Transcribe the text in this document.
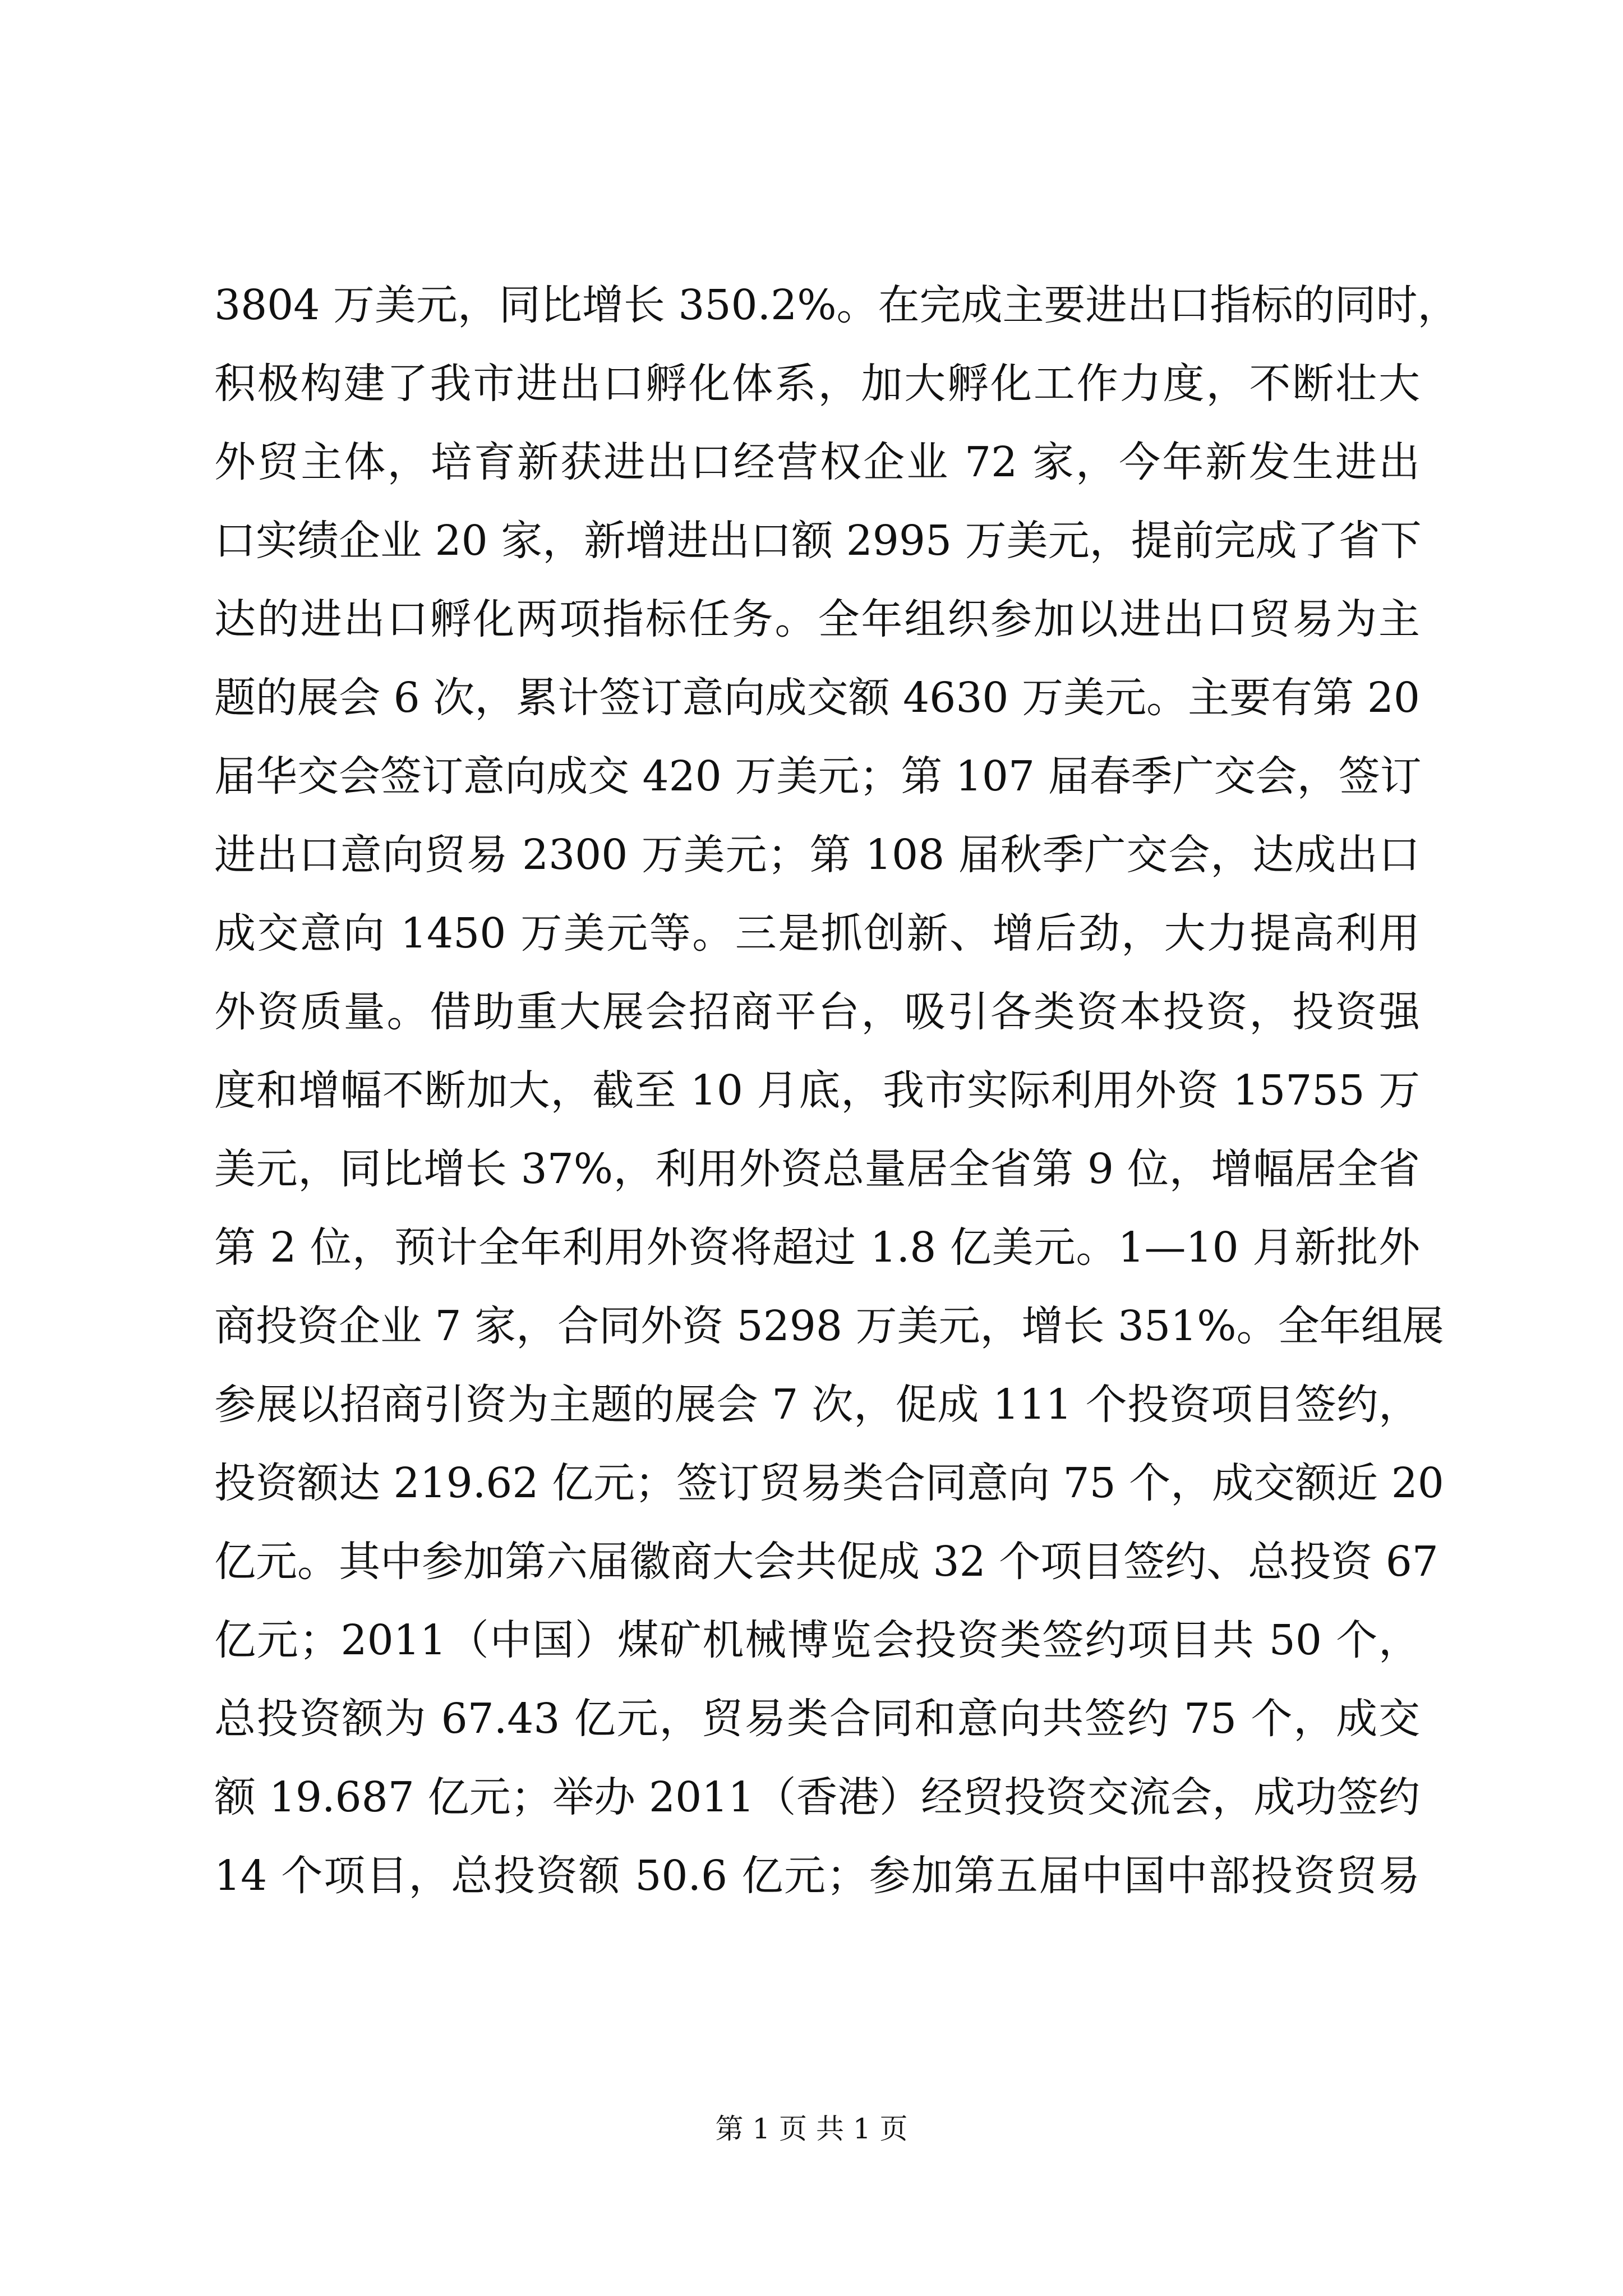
3804 万美元，同比增长 350.2%。在完成主要进出口指标的同时，
积极构建了我市进出口孵化体系，加大孵化工作力度，不断壮大
外贸主体，培育新获进出口经营权企业 72 家，今年新发生进出
口实绩企业 20 家，新增进出口额 2995 万美元，提前完成了省下
达的进出口孵化两项指标任务。全年组织参加以进出口贸易为主
题的展会 6 次，累计签订意向成交额 4630 万美元。主要有第 20
届华交会签订意向成交 420 万美元；第 107 届春季广交会，签订
进出口意向贸易 2300 万美元；第 108 届秋季广交会，达成出口
成交意向 1450 万美元等。三是抓创新、增后劲，大力提高利用
外资质量。借助重大展会招商平台，吸引各类资本投资，投资强
度和增幅不断加大，截至 10 月底，我市实际利用外资 15755 万
美元，同比增长 37%，利用外资总量居全省第 9 位，增幅居全省
第 2 位，预计全年利用外资将超过 1.8 亿美元。1—10 月新批外
商投资企业 7 家，合同外资 5298 万美元，增长 351%。全年组展
参展以招商引资为主题的展会 7 次，促成 111 个投资项目签约，
投资额达 219.62 亿元；签订贸易类合同意向 75 个，成交额近 20
亿元。其中参加第六届徽商大会共促成 32 个项目签约、总投资 67
亿元；2011（中国）煤矿机械博览会投资类签约项目共 50 个，
总投资额为 67.43 亿元，贸易类合同和意向共签约 75 个，成交
额 19.687 亿元；举办 2011（香港）经贸投资交流会，成功签约
14 个项目，总投资额 50.6 亿元；参加第五届中国中部投资贸易
第 1 页 共 1 页
